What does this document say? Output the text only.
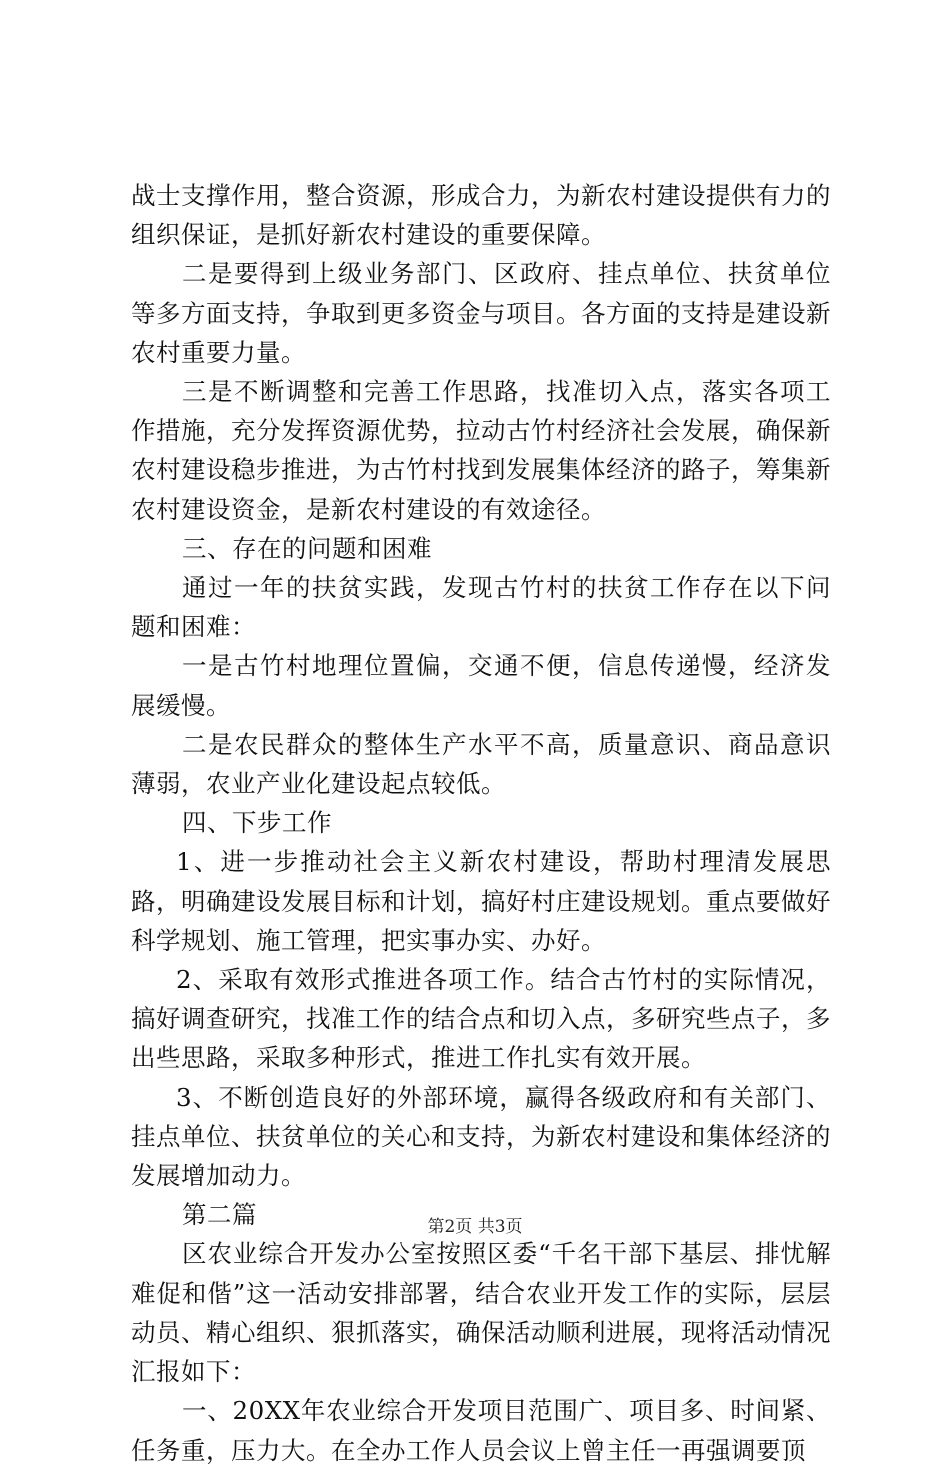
战士支撑作用，整合资源，形成合力，为新农村建设提供有力的组织保证，是抓好新农村建设的重要保障。

二是要得到上级业务部门、区政府、挂点单位、扶贫单位等多方面支持，争取到更多资金与项目。各方面的支持是建设新农村重要力量。

三是不断调整和完善工作思路，找准切入点，落实各项工作措施，充分发挥资源优势，拉动古竹村经济社会发展，确保新农村建设稳步推进，为古竹村找到发展集体经济的路子，筹集新农村建设资金，是新农村建设的有效途径。

三、存在的问题和困难

通过一年的扶贫实践，发现古竹村的扶贫工作存在以下问题和困难：

一是古竹村地理位置偏，交通不便，信息传递慢，经济发展缓慢。

二是农民群众的整体生产水平不高，质量意识、商品意识薄弱，农业产业化建设起点较低。

四、下步工作

1、进一步推动社会主义新农村建设，帮助村理清发展思路，明确建设发展目标和计划，搞好村庄建设规划。重点要做好科学规划、施工管理，把实事办实、办好。

2、采取有效形式推进各项工作。结合古竹村的实际情况，搞好调查研究，找准工作的结合点和切入点，多研究些点子，多出些思路，采取多种形式，推进工作扎实有效开展。

3、不断创造良好的外部环境，赢得各级政府和有关部门、挂点单位、扶贫单位的关心和支持，为新农村建设和集体经济的发展增加动力。

第二篇

区农业综合开发办公室按照区委“千名干部下基层、排忧解难促和偕”这一活动安排部署，结合农业开发工作的实际，层层动员、精心组织、狠抓落实，确保活动顺利进展，现将活动情况汇报如下：

一、20XX年农业综合开发项目范围广、项目多、时间紧、任务重，压力大。在全办工作人员会议上曾主任一再强调要顶

第2页 共3页
